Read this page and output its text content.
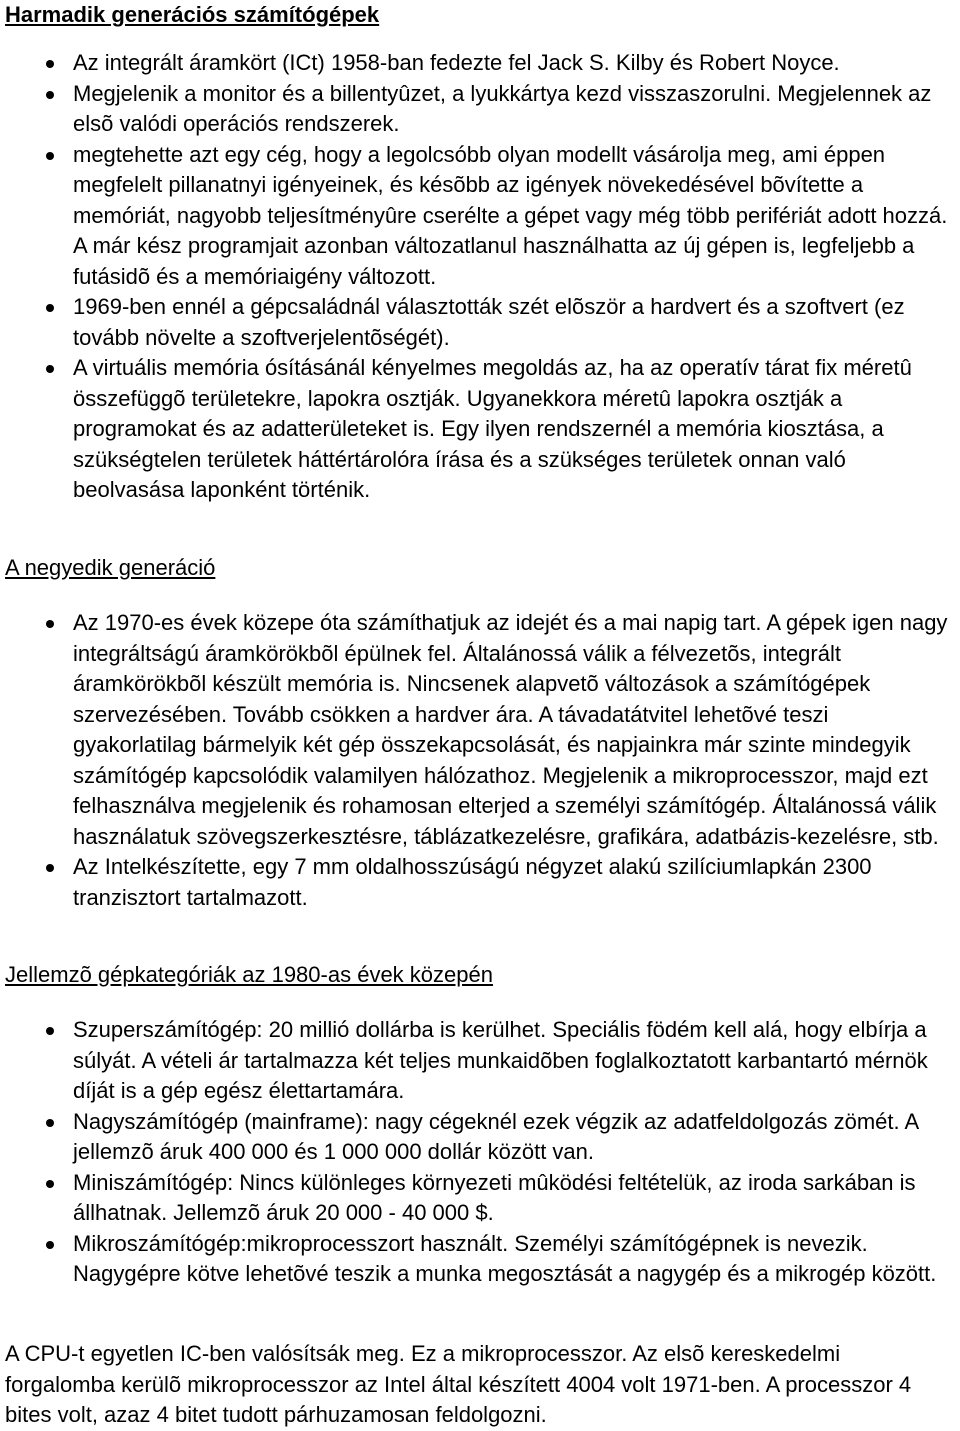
Harmadik generációs számítógépek
Az integrált áramkört (ICt) 1958-ban fedezte fel Jack S. Kilby és Robert Noyce.
Megjelenik a monitor és a billentyûzet, a lyukkártya kezd visszaszorulni. Megjelennek az elsõ valódi operációs rendszerek.
megtehette azt egy cég, hogy a legolcsóbb olyan modellt vásárolja meg, ami éppen megfelelt pillanatnyi igényeinek, és késõbb az igények növekedésével bõvítette a memóriát, nagyobb teljesítményûre cserélte a gépet vagy még több perifériát adott hozzá. A már kész programjait azonban változatlanul használhatta az új gépen is, legfeljebb a futásidõ és a memóriaigény változott.
1969-ben ennél a gépcsaládnál választották szét elõször a hardvert és a szoftvert (ez tovább növelte a szoftverjelentõségét).
A virtuális memória ósításánál kényelmes megoldás az, ha az operatív tárat fix méretû összefüggõ területekre, lapokra osztják. Ugyanekkora méretû lapokra osztják a programokat és az adatterületeket is. Egy ilyen rendszernél a memória kiosztása, a szükségtelen területek háttértárolóra írása és a szükséges területek onnan való beolvasása laponként történik.
A negyedik generáció
Az 1970-es évek közepe óta számíthatjuk az idejét és a mai napig tart. A gépek igen nagy integráltságú áramkörökbõl épülnek fel. Általánossá válik a félvezetõs, integrált áramkörökbõl készült memória is. Nincsenek alapvetõ változások a számítógépek szervezésében. Tovább csökken a hardver ára. A távadatátvitel lehetõvé teszi gyakorlatilag bármelyik két gép összekapcsolását, és napjainkra már szinte mindegyik számítógép kapcsolódik valamilyen hálózathoz. Megjelenik a mikroprocesszor, majd ezt felhasználva megjelenik és rohamosan elterjed a személyi számítógép. Általánossá válik használatuk szövegszerkesztésre, táblázatkezelésre, grafikára, adatbázis-kezelésre, stb.
Az Intelkészítette, egy 7 mm oldalhosszúságú négyzet alakú szilíciumlapkán 2300 tranzisztort tartalmazott.
Jellemzõ gépkategóriák az 1980-as évek közepén
Szuperszámítógép: 20 millió dollárba is kerülhet. Speciális födém kell alá, hogy elbírja a súlyát. A vételi ár tartalmazza két teljes munkaidõben foglalkoztatott karbantartó mérnök díját is a gép egész élettartamára.
Nagyszámítógép (mainframe): nagy cégeknél ezek végzik az adatfeldolgozás zömét. A jellemzõ áruk 400 000 és 1 000 000 dollár között van.
Miniszámítógép: Nincs különleges környezeti mûködési feltételük, az iroda sarkában is állhatnak. Jellemzõ áruk 20 000 - 40 000 $.
Mikroszámítógép:mikroprocesszort használt. Személyi számítógépnek is nevezik. Nagygépre kötve lehetõvé teszik a munka megosztását a nagygép és a mikrogép között.

A CPU-t egyetlen IC-ben valósítsák meg. Ez a mikroprocesszor. Az elsõ kereskedelmi forgalomba kerülõ mikroprocesszor az Intel által készített 4004 volt 1971-ben. A processzor 4 bites volt, azaz 4 bitet tudott párhuzamosan feldolgozni.
